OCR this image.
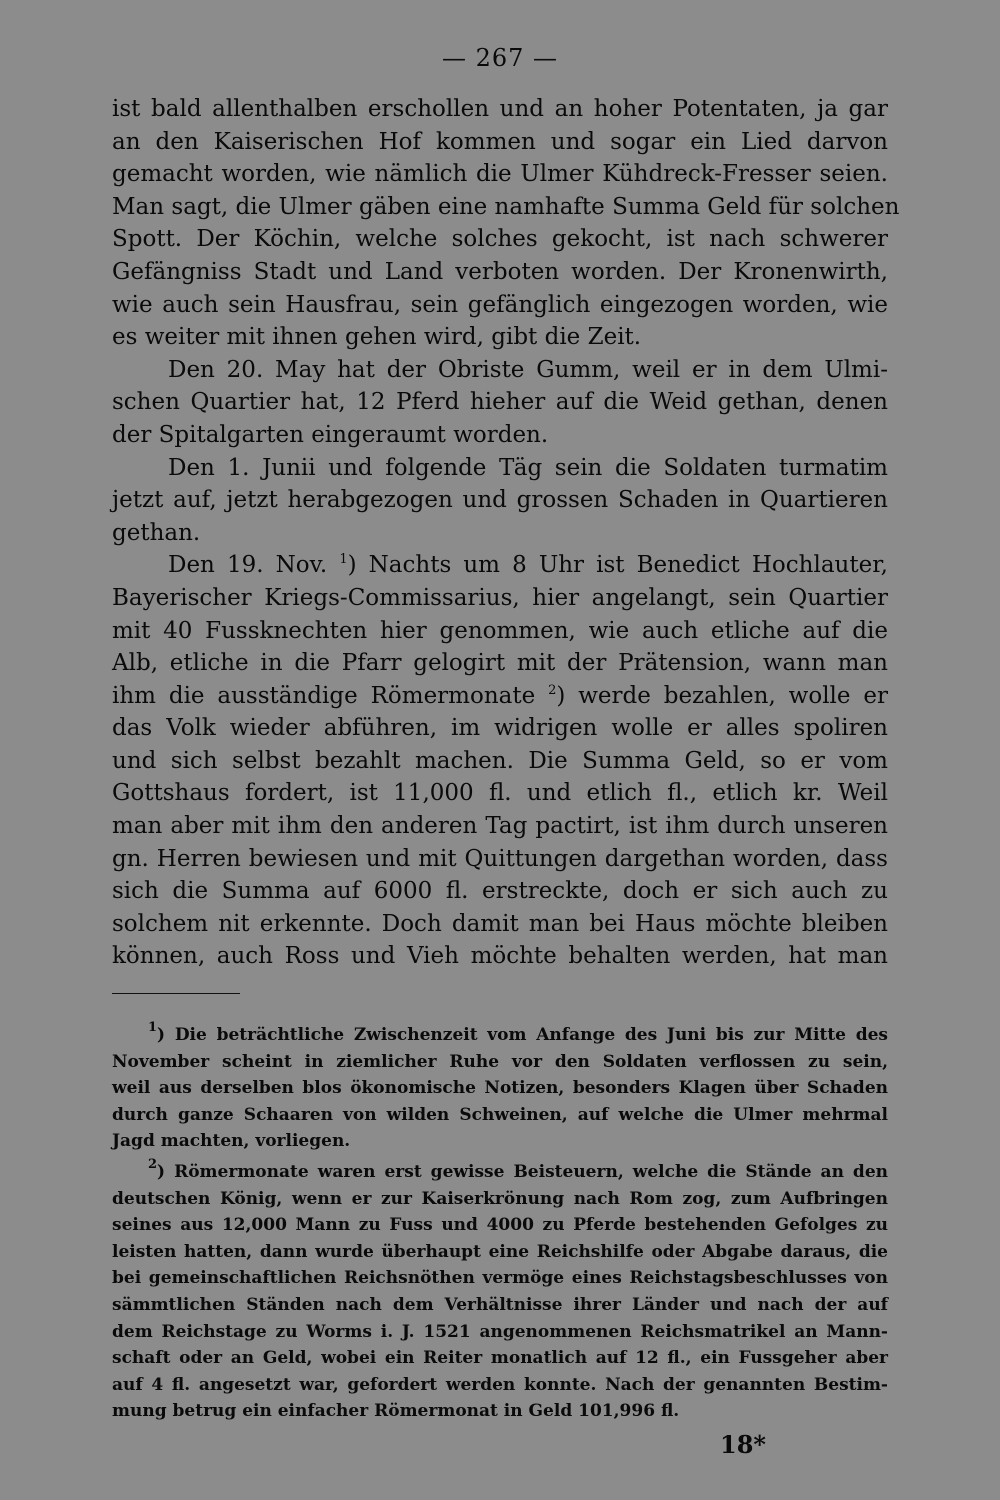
— 267 —
ist bald allenthalben erschollen und an hoher Potentaten, ja gar
an den Kaiserischen Hof kommen und sogar ein Lied darvon
gemacht worden, wie nämlich die Ulmer Kühdreck-Fresser seien.
Man sagt, die Ulmer gäben eine namhafte Summa Geld für solchen
Spott. Der Köchin, welche solches gekocht, ist nach schwerer
Gefängniss Stadt und Land verboten worden. Der Kronenwirth,
wie auch sein Hausfrau, sein gefänglich eingezogen worden, wie
es weiter mit ihnen gehen wird, gibt die Zeit.
Den 20. May hat der Obriste Gumm, weil er in dem Ulmi-
schen Quartier hat, 12 Pferd hieher auf die Weid gethan, denen
der Spitalgarten eingeraumt worden.
Den 1. Junii und folgende Täg sein die Soldaten turmatim
jetzt auf, jetzt herabgezogen und grossen Schaden in Quartieren
gethan.
Den 19. Nov. $^1$) Nachts um 8 Uhr ist Benedict Hochlauter,
Bayerischer Kriegs-Commissarius, hier angelangt, sein Quartier
mit 40 Fussknechten hier genommen, wie auch etliche auf die
Alb, etliche in die Pfarr gelogirt mit der Prätension, wann man
ihm die ausständige Römermonate $^2$) werde bezahlen, wolle er
das Volk wieder abführen, im widrigen wolle er alles spoliren
und sich selbst bezahlt machen. Die Summa Geld, so er vom
Gottshaus fordert, ist 11,000 fl. und etlich fl., etlich kr. Weil
man aber mit ihm den anderen Tag pactirt, ist ihm durch unseren
gn. Herren bewiesen und mit Quittungen dargethan worden, dass
sich die Summa auf 6000 fl. erstreckte, doch er sich auch zu
solchem nit erkennte. Doch damit man bei Haus möchte bleiben
können, auch Ross und Vieh möchte behalten werden, hat man
$^1$) Die beträchtliche Zwischenzeit vom Anfange des Juni bis zur Mitte des
November scheint in ziemlicher Ruhe vor den Soldaten verflossen zu sein,
weil aus derselben blos ökonomische Notizen, besonders Klagen über Schaden
durch ganze Schaaren von wilden Schweinen, auf welche die Ulmer mehrmal
Jagd machten, vorliegen.
$^2$) Römermonate waren erst gewisse Beisteuern, welche die Stände an den
deutschen König, wenn er zur Kaiserkrönung nach Rom zog, zum Aufbringen
seines aus 12,000 Mann zu Fuss und 4000 zu Pferde bestehenden Gefolges zu
leisten hatten, dann wurde überhaupt eine Reichshilfe oder Abgabe daraus, die
bei gemeinschaftlichen Reichsnöthen vermöge eines Reichstagsbeschlusses von
sämmtlichen Ständen nach dem Verhältnisse ihrer Länder und nach der auf
dem Reichstage zu Worms i. J. 1521 angenommenen Reichsmatrikel an Mann-
schaft oder an Geld, wobei ein Reiter monatlich auf 12 fl., ein Fussgeher aber
auf 4 fl. angesetzt war, gefordert werden konnte. Nach der genannten Bestim-
mung betrug ein einfacher Römermonat in Geld 101,996 fl.
18*
